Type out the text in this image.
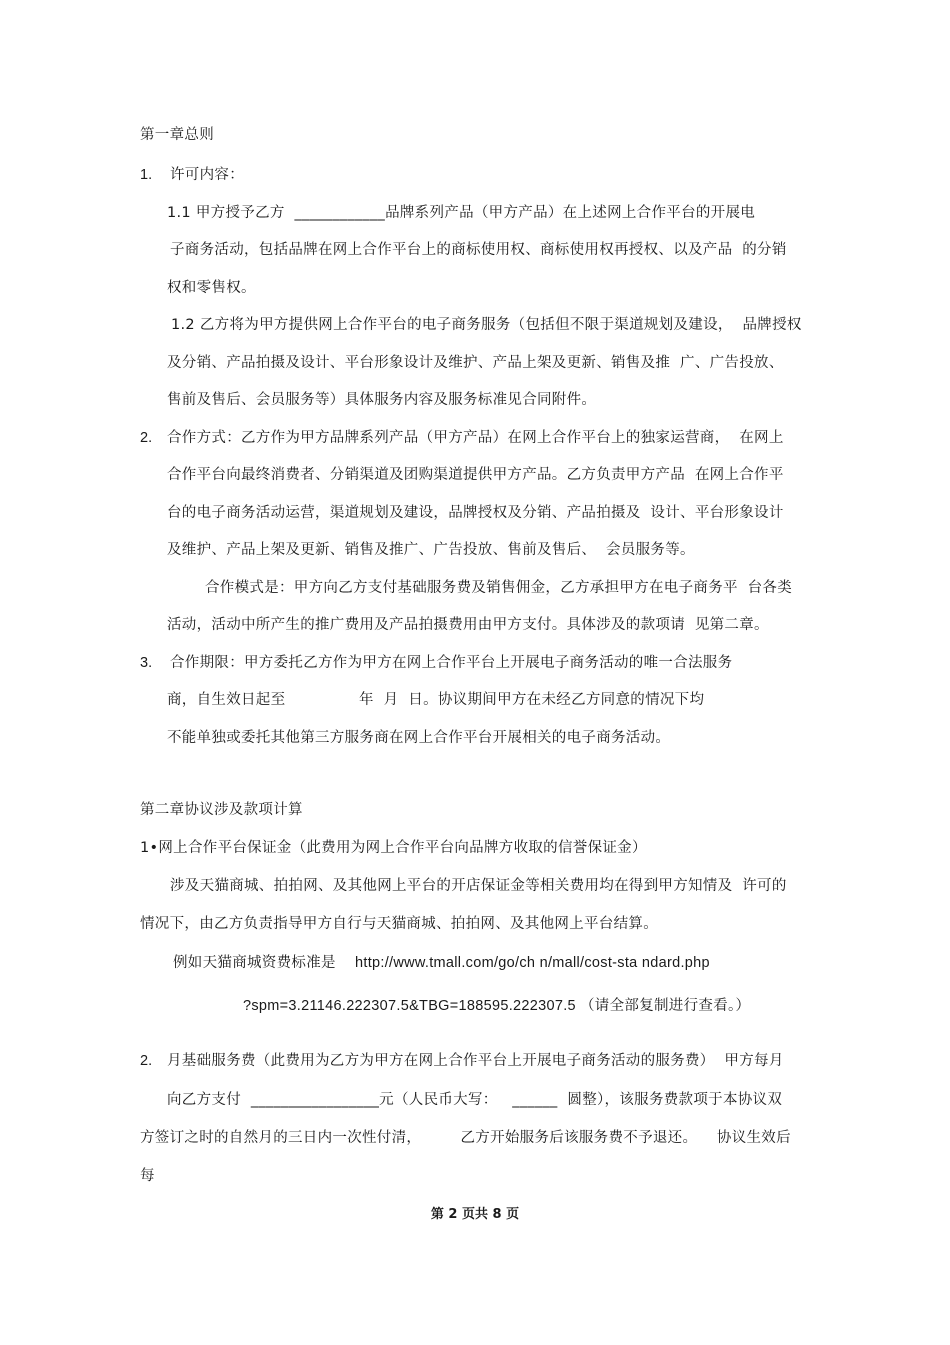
第一章总则
1. 许可内容：
1.1 甲方授予乙方  ____________品牌系列产品（甲方产品）在上述网上合作平台的开展电
子商务活动，包括品牌在网上合作平台上的商标使用权、商标使用权再授权、以及产品  的分销
权和零售权。
1.2 乙方将为甲方提供网上合作平台的电子商务服务（包括但不限于渠道规划及建设，  品牌授权
及分销、产品拍摄及设计、平台形象设计及维护、产品上架及更新、销售及推  广、广告投放、
售前及售后、会员服务等）具体服务内容及服务标准见合同附件。
2. 合作方式：乙方作为甲方品牌系列产品（甲方产品）在网上合作平台上的独家运营商，  在网上
合作平台向最终消费者、分销渠道及团购渠道提供甲方产品。乙方负责甲方产品  在网上合作平
台的电子商务活动运营，渠道规划及建设，品牌授权及分销、产品拍摄及  设计、平台形象设计
及维护、产品上架及更新、销售及推广、广告投放、售前及售后、  会员服务等。
合作模式是：甲方向乙方支付基础服务费及销售佣金，乙方承担甲方在电子商务平  台各类
活动，活动中所产生的推广费用及产品拍摄费用由甲方支付。具体涉及的款项请  见第二章。
3. 合作期限：甲方委托乙方作为甲方在网上合作平台上开展电子商务活动的唯一合法服务
商，自生效日起至               年  月  日。协议期间甲方在未经乙方同意的情况下均
不能单独或委托其他第三方服务商在网上合作平台开展相关的电子商务活动。
第二章协议涉及款项计算
1•网上合作平台保证金（此费用为网上合作平台向品牌方收取的信誉保证金）
涉及天猫商城、拍拍网、及其他网上平台的开店保证金等相关费用均在得到甲方知情及  许可的
情况下，由乙方负责指导甲方自行与天猫商城、拍拍网、及其他网上平台结算。
例如天猫商城资费标准是 http://www.tmall.com/go/ch n/mall/cost-sta ndard.php
?spm=3.21146.222307.5&TBG=188595.222307.5 （请全部复制进行查看。）
2. 月基础服务费（此费用为乙方为甲方在网上合作平台上开展电子商务活动的服务费）  甲方每月
向乙方支付  _________________元（人民币大写：   ______  圆整），该服务费款项于本协议双
方签订之时的自然月的三日内一次性付清，        乙方开始服务后该服务费不予退还。    协议生效后
每
第 2 页共 8 页
